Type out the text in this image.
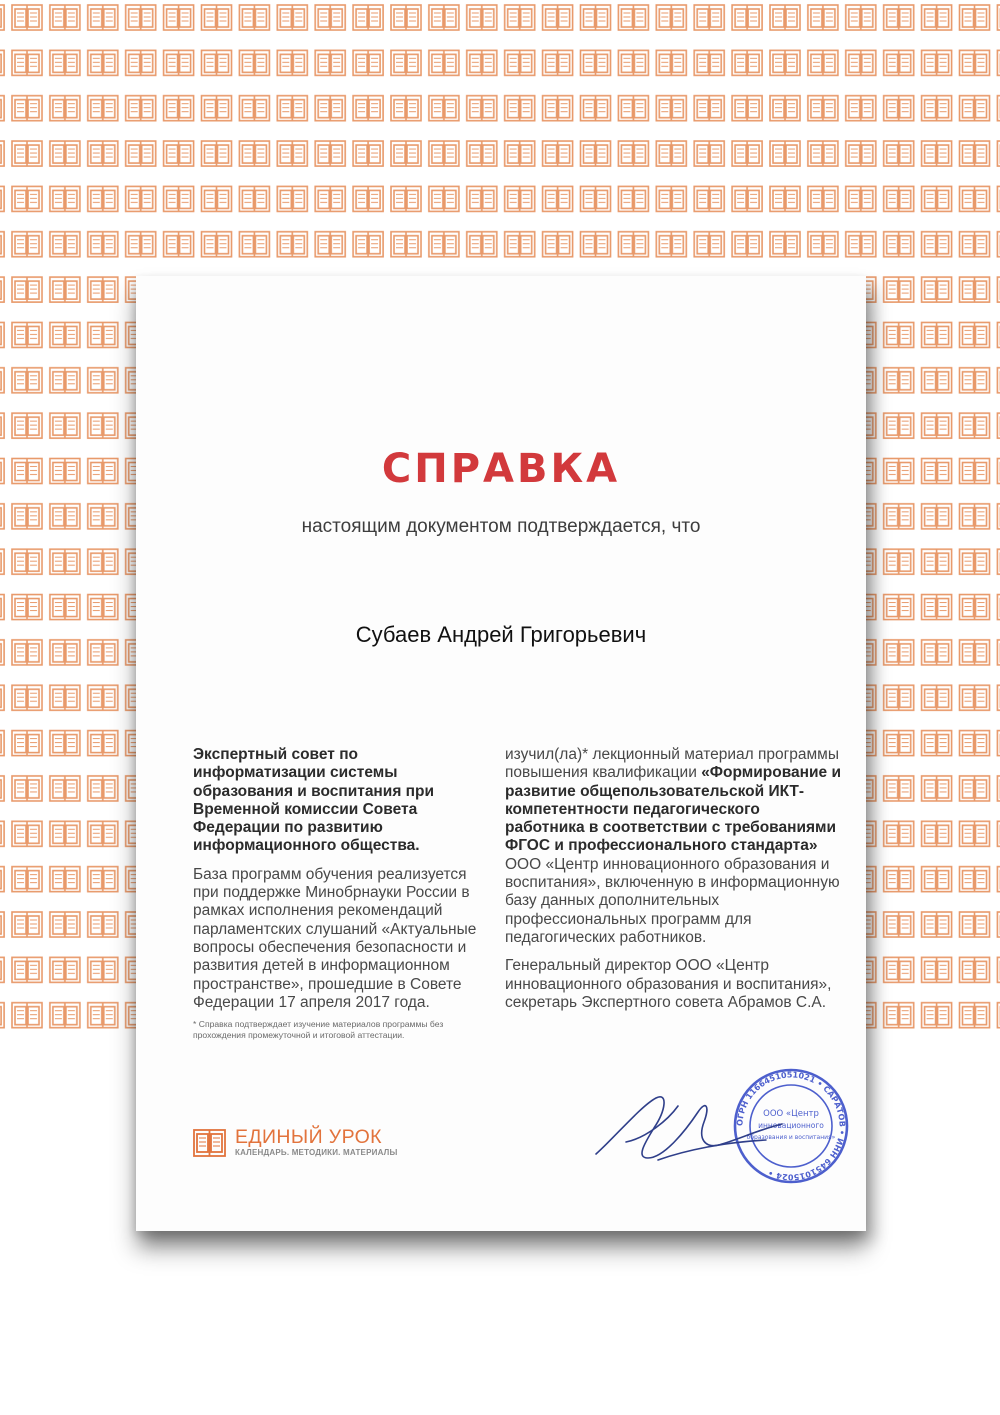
СПРАВКА
настоящим документом подтверждается, что
Субаев Андрей Григорьевич

Экспертный совет по информатизации системы образования и воспитания при Временной комиссии Совета Федерации по развитию информационного общества.

База программ обучения реализуется при поддержке Минобрнауки России в рамках исполнения рекомендаций парламентских слушаний «Актуальные вопросы обеспечения безопасности и развития детей в информационном пространстве», прошедшие в Совете Федерации 17 апреля 2017 года.

* Справка подтверждает изучение материалов программы без прохождения промежуточной и итоговой аттестации.

изучил(ла)* лекционный материал программы повышения квалификации «Формирование и развитие общепользовательской ИКТ-компетентности педагогического работника в соответствии с требованиями ФГОС и профессионального стандарта» ООО «Центр инновационного образования и воспитания», включенную в информационную базу данных дополнительных профессиональных программ для педагогических работников.

Генеральный директор ООО «Центр инновационного образования и воспитания», секретарь Экспертного совета Абрамов С.А.

ЕДИНЫЙ УРОК
КАЛЕНДАРЬ. МЕТОДИКИ. МАТЕРИАЛЫ
ОГРН 1166451051021 • САРАТОВ • ИНН 6451015024 •
ООО «Центр
инновационного
образования и воспитания»
